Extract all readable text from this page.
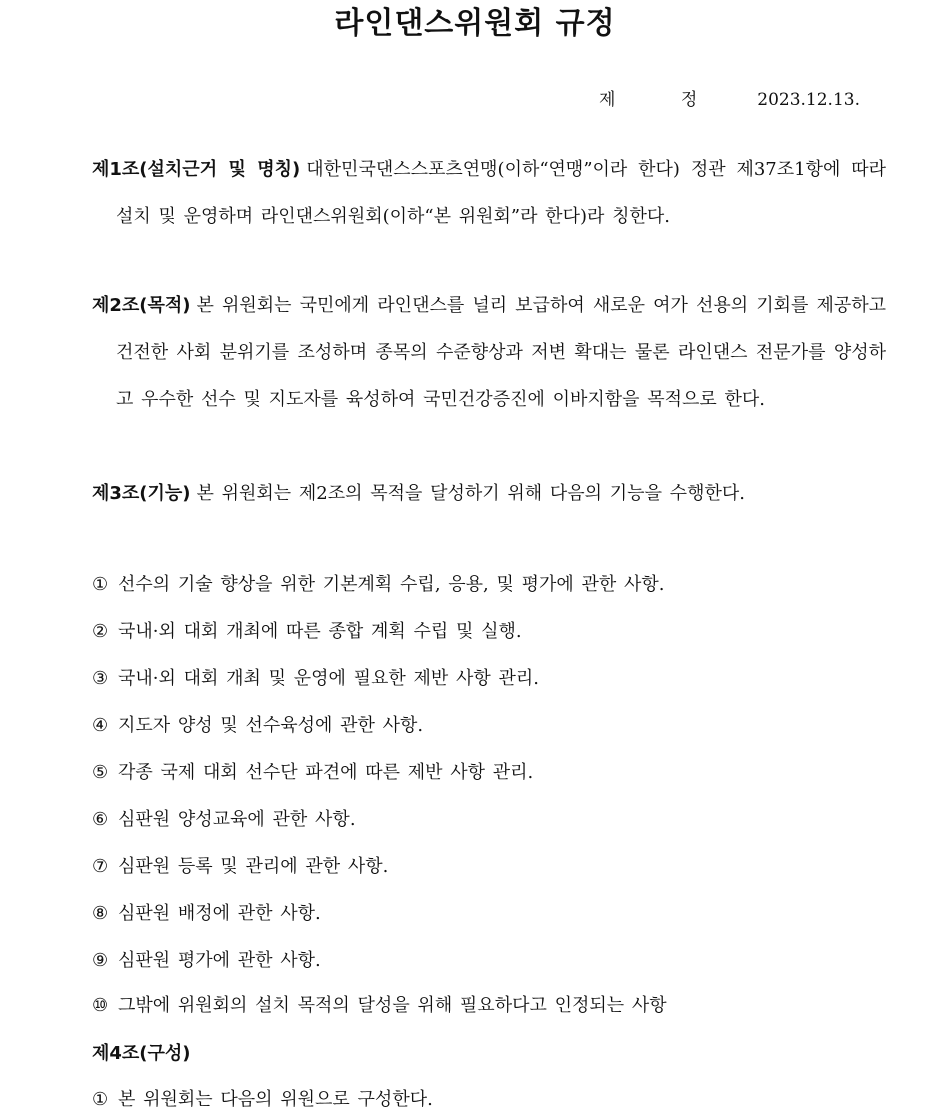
라인댄스위원회 규정
제 정 2023.12.13.
제1조(설치근거 및 명칭) 대한민국댄스스포츠연맹(이하“연맹”이라 한다) 정관 제37조1항에 따라 설치 및 운영하며 라인댄스위원회(이하“본 위원회”라 한다)라 칭한다.
제2조(목적) 본 위원회는 국민에게 라인댄스를 널리 보급하여 새로운 여가 선용의 기회를 제공하고 건전한 사회 분위기를 조성하며 종목의 수준향상과 저변 확대는 물론 라인댄스 전문가를 양성하고 우수한 선수 및 지도자를 육성하여 국민건강증진에 이바지함을 목적으로 한다.
제3조(기능) 본 위원회는 제2조의 목적을 달성하기 위해 다음의 기능을 수행한다.
① 선수의 기술 향상을 위한 기본계획 수립, 응용, 및 평가에 관한 사항.
② 국내·외 대회 개최에 따른 종합 계획 수립 및 실행.
③ 국내·외 대회 개최 및 운영에 필요한 제반 사항 관리.
④ 지도자 양성 및 선수육성에 관한 사항.
⑤ 각종 국제 대회 선수단 파견에 따른 제반 사항 관리.
⑥ 심판원 양성교육에 관한 사항.
⑦ 심판원 등록 및 관리에 관한 사항.
⑧ 심판원 배정에 관한 사항.
⑨ 심판원 평가에 관한 사항.
⑩ 그밖에 위원회의 설치 목적의 달성을 위해 필요하다고 인정되는 사항
제4조(구성)
① 본 위원회는 다음의 위원으로 구성한다.
